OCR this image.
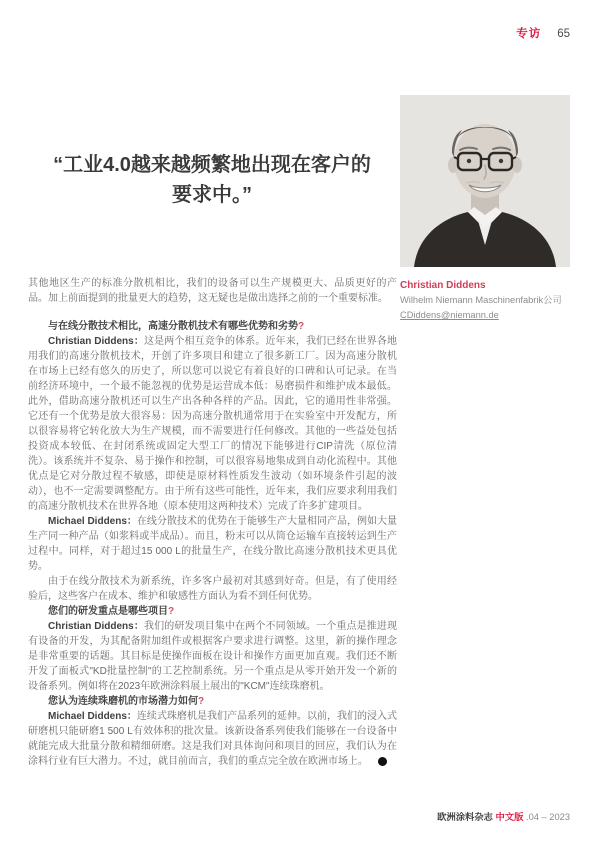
专访 65
“工业4.0越来越频繁地出现在客户的
要求中。”
Christian Diddens
Wilhelm Niemann Maschinenfabrik公司
CDiddens@niemann.de

其他地区生产的标准分散机相比，我们的设备可以生产规模更大、品质更好的产品。加上前面提到的批量更大的趋势，这无疑也是做出选择之前的一个重要标准。

与在线分散技术相比，高速分散机技术有哪些优势和劣势?

Christian Diddens：这是两个相互竞争的体系。近年来，我们已经在世界各地用我们的高速分散机技术，开创了许多项目和建立了很多新工厂。因为高速分散机在市场上已经有悠久的历史了，所以您可以说它有着良好的口碑和认可记录。在当前经济环境中，一个最不能忽视的优势是运营成本低：易磨损件和维护成本最低。此外，借助高速分散机还可以生产出各种各样的产品。因此，它的通用性非常强。它还有一个优势是放大很容易：因为高速分散机通常用于在实验室中开发配方，所以很容易将它转化放大为生产规模，而不需要进行任何修改。其他的一些益处包括投资成本较低、在封闭系统或固定大型工厂的情况下能够进行CIP清洗（原位清洗）。该系统并不复杂、易于操作和控制，可以很容易地集成到自动化流程中。其他优点是它对分散过程不敏感，即使是原材料性质发生波动（如环境条件引起的波动），也不一定需要调整配方。由于所有这些可能性，近年来，我们应要求利用我们的高速分散机技术在世界各地（原本使用这两种技术）完成了许多扩建项目。

Michael Diddens：在线分散技术的优势在于能够生产大量相同产品，例如大量生产同一种产品（如浆料或半成品）。而且，粉末可以从筒仓运输车直接转运到生产过程中。同样，对于超过15 000 L的批量生产，在线分散比高速分散机技术更具优势。

由于在线分散技术为新系统，许多客户最初对其感到好奇。但是，有了使用经验后，这些客户在成本、维护和敏感性方面认为看不到任何优势。

您们的研发重点是哪些项目?

Christian Diddens：我们的研发项目集中在两个不同领域。一个重点是推进现有设备的开发，为其配备附加组件或根据客户要求进行调整。这里，新的操作理念是非常重要的话题。其目标是使操作面板在设计和操作方面更加直观。我们还不断开发了面板式"KD批量控制"的工艺控制系统。另一个重点是从零开始开发一个新的设备系列。例如将在2023年欧洲涂料展上展出的"KCM"连续珠磨机。

您认为连续珠磨机的市场潜力如何?

Michael Diddens：连续式珠磨机是我们产品系列的延伸。以前，我们的浸入式研磨机只能研磨1 500 L有效体积的批次量。该新设备系列使我们能够在一台设备中就能完成大批量分散和精细研磨。这是我们对具体询问和项目的回应，我们认为在涂料行业有巨大潜力。不过，就目前而言，我们的重点完全放在欧洲市场上。	◀

欧洲涂料杂志 中文版 .04 – 2023
